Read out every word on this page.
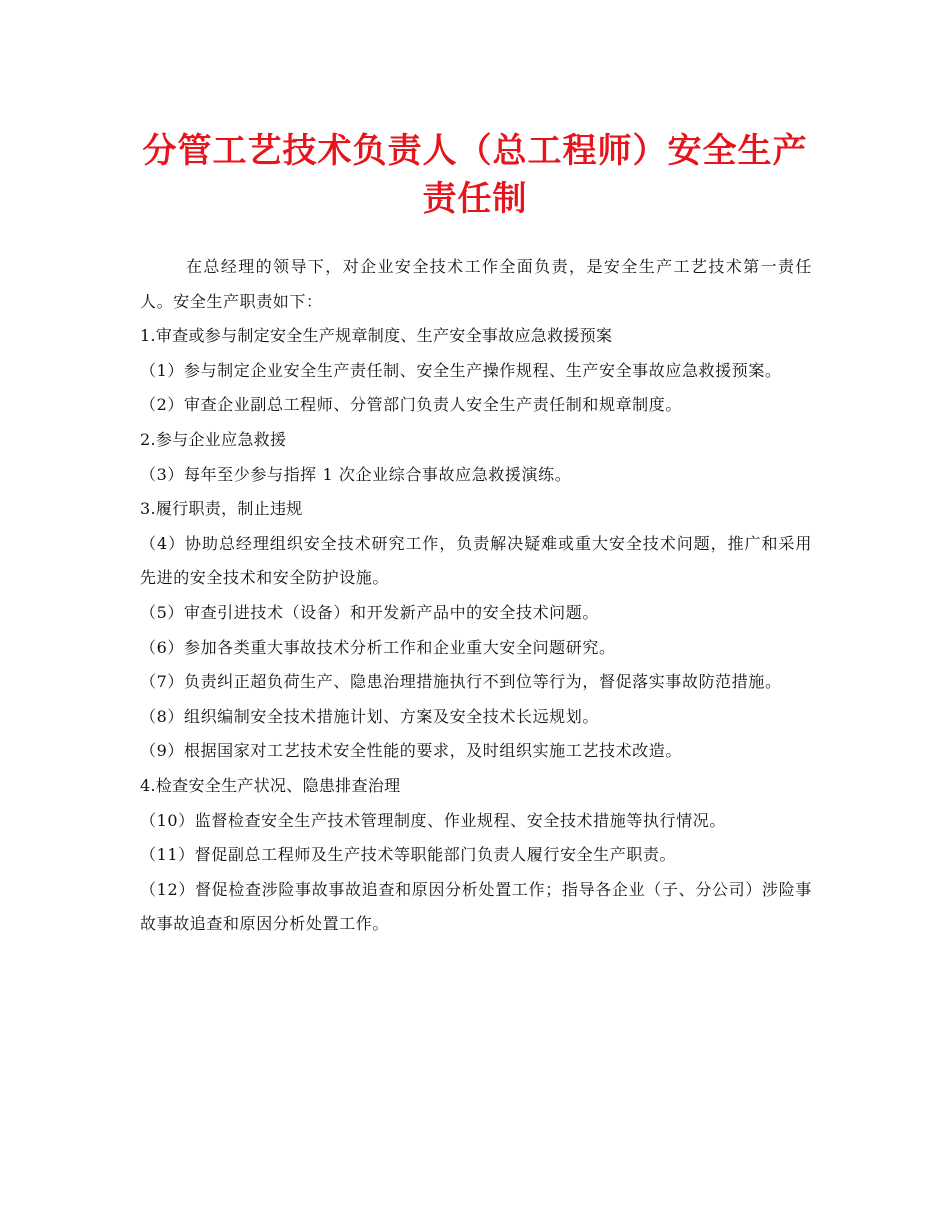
分管工艺技术负责人（总工程师）安全生产
责任制

在总经理的领导下，对企业安全技术工作全面负责，是安全生产工艺技术第一责任人。安全生产职责如下：

1.审查或参与制定安全生产规章制度、生产安全事故应急救援预案

（1）参与制定企业安全生产责任制、安全生产操作规程、生产安全事故应急救援预案。

（2）审查企业副总工程师、分管部门负责人安全生产责任制和规章制度。

2.参与企业应急救援

（3）每年至少参与指挥 1 次企业综合事故应急救援演练。

3.履行职责，制止违规

（4）协助总经理组织安全技术研究工作，负责解决疑难或重大安全技术问题，推广和采用先进的安全技术和安全防护设施。

（5）审查引进技术（设备）和开发新产品中的安全技术问题。

（6）参加各类重大事故技术分析工作和企业重大安全问题研究。

（7）负责纠正超负荷生产、隐患治理措施执行不到位等行为，督促落实事故防范措施。

（8）组织编制安全技术措施计划、方案及安全技术长远规划。

（9）根据国家对工艺技术安全性能的要求，及时组织实施工艺技术改造。

4.检查安全生产状况、隐患排查治理

（10）监督检查安全生产技术管理制度、作业规程、安全技术措施等执行情况。

（11）督促副总工程师及生产技术等职能部门负责人履行安全生产职责。

（12）督促检查涉险事故事故追查和原因分析处置工作；指导各企业（子、分公司）涉险事故事故追查和原因分析处置工作。
